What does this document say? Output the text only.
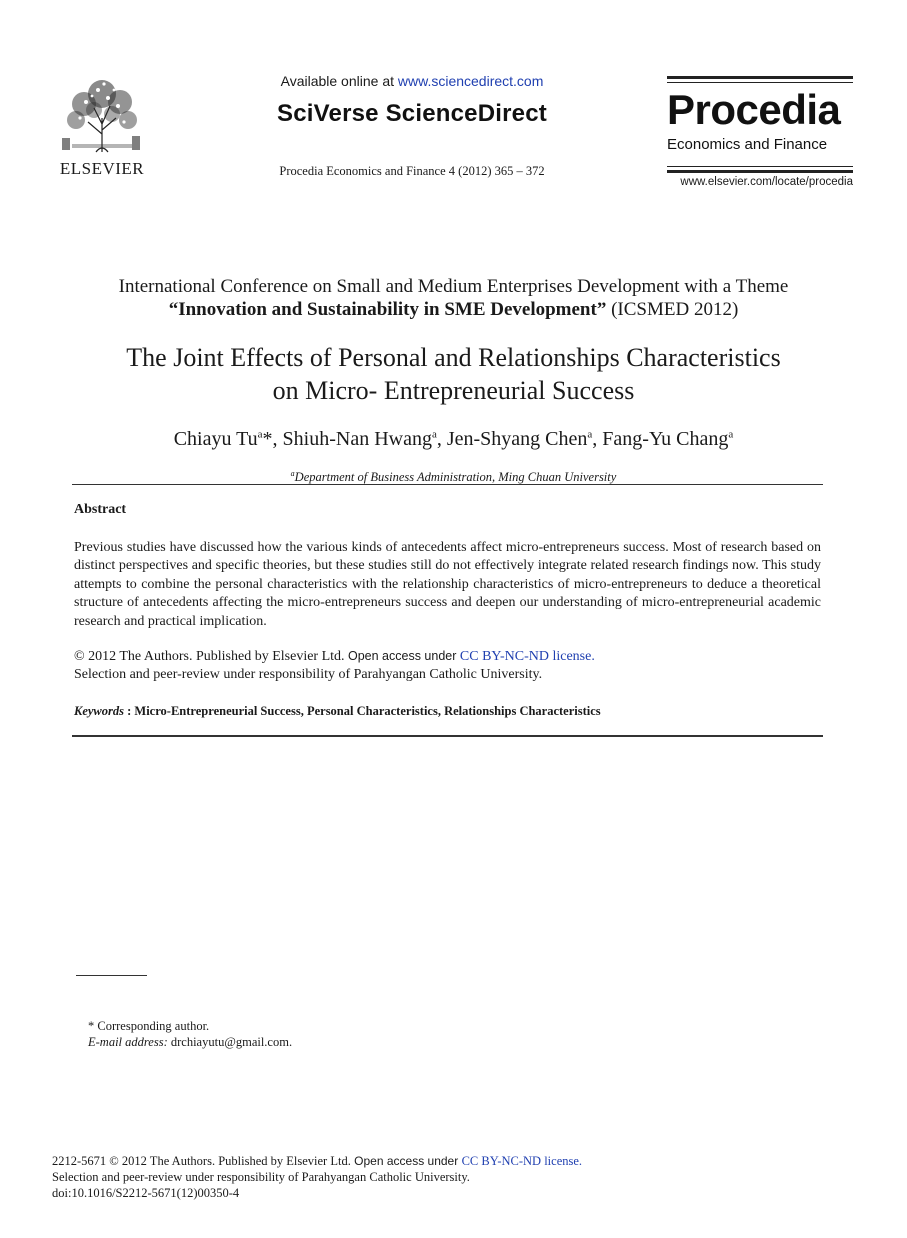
ELSEVIER
Available online at www.sciencedirect.com
SciVerse ScienceDirect
Procedia Economics and Finance 4 (2012) 365 – 372
Procedia
Economics and Finance
www.elsevier.com/locate/procedia
International Conference on Small and Medium Enterprises Development with a Theme
“Innovation and Sustainability in SME Development” (ICSMED 2012)
The Joint Effects of Personal and Relationships Characteristics
on Micro- Entrepreneurial Success
Chiayu Tu$^a$*, Shiuh-Nan Hwang$^a$, Jen-Shyang Chen$^a$, Fang-Yu Chang$^a$
$^a$Department of Business Administration, Ming Chuan University
Abstract
Previous studies have discussed how the various kinds of antecedents affect micro-entrepreneurs success. Most of research based on distinct perspectives and specific theories, but these studies still do not effectively integrate related research findings now. This study attempts to combine the personal characteristics with the relationship characteristics of micro-entrepreneurs to deduce a theoretical structure of antecedents affecting the micro-entrepreneurs success and deepen our understanding of micro-entrepreneurial academic research and practical implication.
© 2012 The Authors. Published by Elsevier Ltd. Open access under CC BY-NC-ND license.
Selection and peer-review under responsibility of Parahyangan Catholic University.
Keywords : Micro-Entrepreneurial Success, Personal Characteristics, Relationships Characteristics
* Corresponding author.
E-mail address: drchiayutu@gmail.com.
2212-5671 © 2012 The Authors. Published by Elsevier Ltd. Open access under CC BY-NC-ND license.
Selection and peer-review under responsibility of Parahyangan Catholic University.
doi:10.1016/S2212-5671(12)00350-4
